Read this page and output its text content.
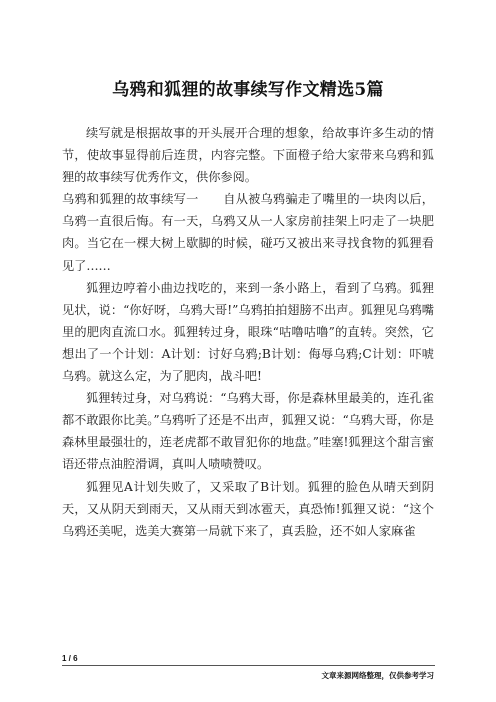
乌鸦和狐狸的故事续写作文精选5篇

续写就是根据故事的开头展开合理的想象，给故事许多生动的情节，使故事显得前后连贯，内容完整。下面橙子给大家带来乌鸦和狐狸的故事续写优秀作文，供你参阅。

乌鸦和狐狸的故事续写一　　自从被乌鸦骗走了嘴里的一块肉以后，乌鸦一直很后悔。有一天，乌鸦又从一人家房前挂架上叼走了一块肥肉。当它在一棵大树上歇脚的时候，碰巧又被出来寻找食物的狐狸看见了……

狐狸边哼着小曲边找吃的，来到一条小路上，看到了乌鸦。狐狸见状，说：“你好呀，乌鸦大哥!”乌鸦拍拍翅膀不出声。狐狸见乌鸦嘴里的肥肉直流口水。狐狸转过身，眼珠“咕噜咕噜”的直转。突然，它想出了一个计划：A计划：讨好乌鸦;B计划：侮辱乌鸦;C计划：吓唬乌鸦。就这么定，为了肥肉，战斗吧!

狐狸转过身，对乌鸦说：“乌鸦大哥，你是森林里最美的，连孔雀都不敢跟你比美。”乌鸦听了还是不出声，狐狸又说：“乌鸦大哥，你是森林里最强壮的，连老虎都不敢冒犯你的地盘。”哇塞!狐狸这个甜言蜜语还带点油腔滑调，真叫人啧啧赞叹。

狐狸见A计划失败了，又采取了B计划。狐狸的脸色从晴天到阴天，又从阴天到雨天，又从雨天到冰雹天，真恐怖!狐狸又说：“这个乌鸦还美呢，选美大赛第一局就下来了，真丢脸，还不如人家麻雀

1 / 6
文章来源网络整理，仅供参考学习
